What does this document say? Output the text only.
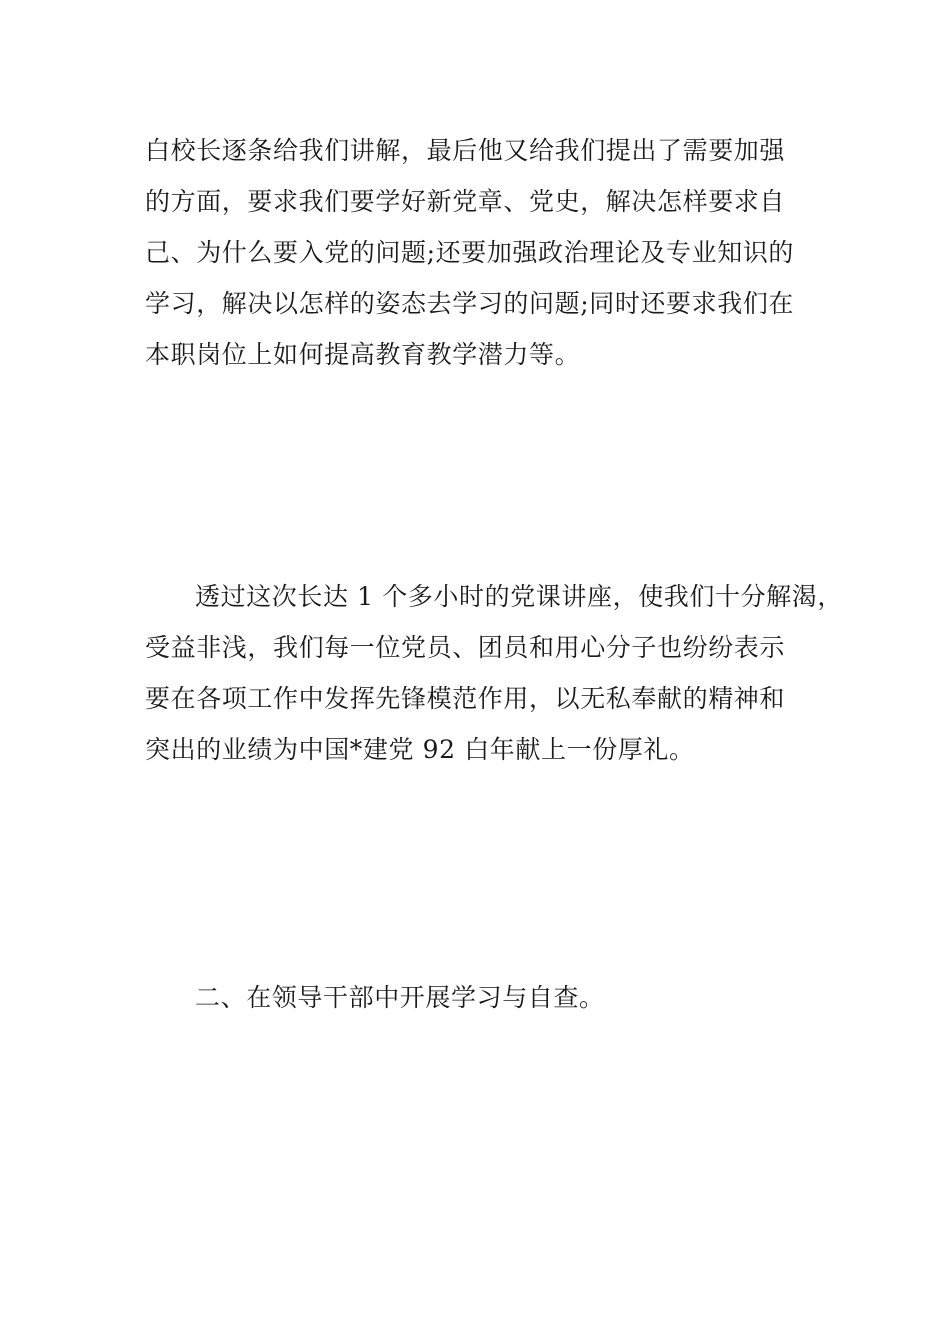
白校长逐条给我们讲解，最后他又给我们提出了需要加强
的方面，要求我们要学好新党章、党史，解决怎样要求自
己、为什么要入党的问题;还要加强政治理论及专业知识的
学习，解决以怎样的姿态去学习的问题;同时还要求我们在
本职岗位上如何提高教育教学潜力等。
透过这次长达 1 个多小时的党课讲座，使我们十分解渴，
受益非浅，我们每一位党员、团员和用心分子也纷纷表示
要在各项工作中发挥先锋模范作用，以无私奉献的精神和
突出的业绩为中国*建党 92 白年献上一份厚礼。
二、在领导干部中开展学习与自查。
